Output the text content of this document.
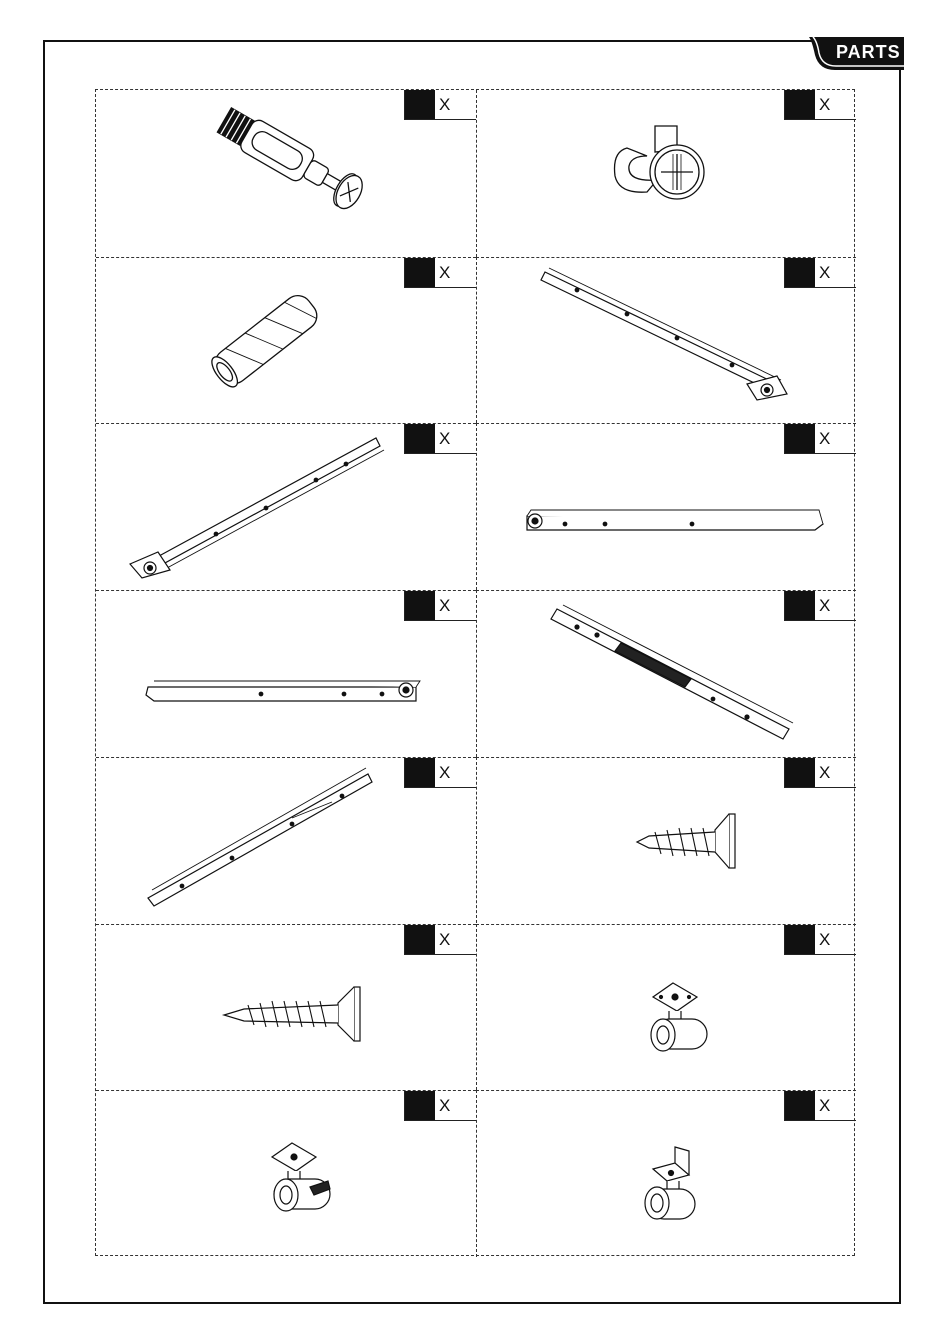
PARTS
X	X
X	X
X	X
X	X
X	X
X	X
X	X
